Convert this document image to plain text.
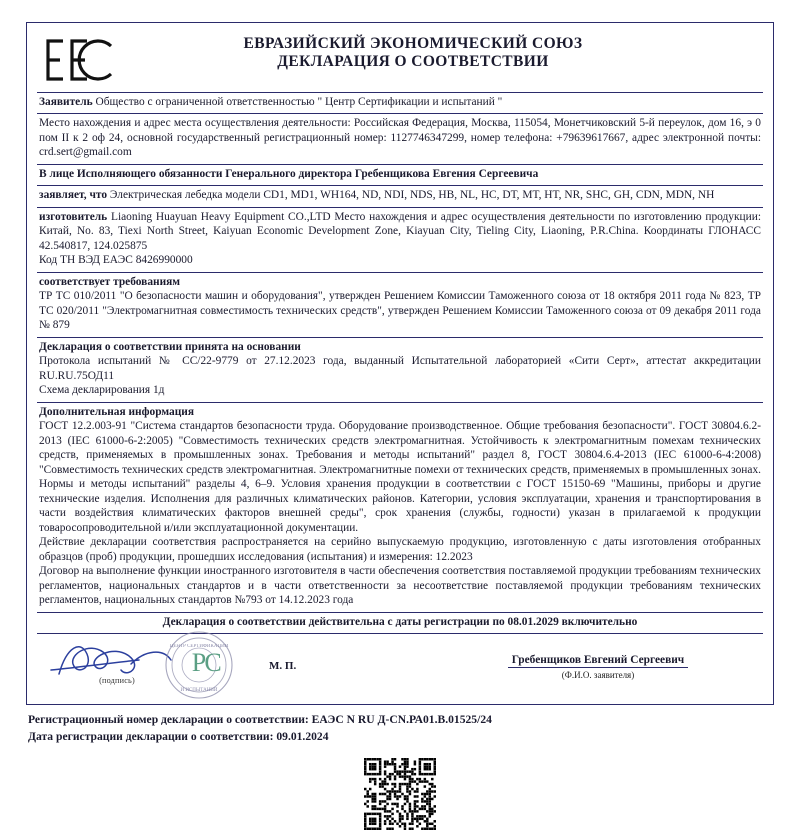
ЕВРАЗИЙСКИЙ ЭКОНОМИЧЕСКИЙ СОЮЗ
ДЕКЛАРАЦИЯ О СООТВЕТСТВИИ

Заявитель Общество с ограниченной ответственностью " Центр Сертификации и испытаний "

Место нахождения и адрес места осуществления деятельности: Российская Федерация, Москва, 115054, Монетчиковский 5-й переулок, дом 16, э 0 пом II к 2 оф 24, основной государственный регистрационный номер: 1127746347299, номер телефона: +79639617667, адрес электронной почты: crd.sert@gmail.com

В лице Исполняющего обязанности Генерального директора Гребенщикова Евгения Сергеевича

заявляет, что Электрическая лебедка модели CD1, MD1, WH164, ND, NDI, NDS, HB, NL, HC, DT, MT, HT, NR, SHC, GH, CDN, MDN, NH

изготовитель Liaoning Huayuan Heavy Equipment CO.,LTD Место нахождения и адрес осуществления деятельности по изготовлению продукции: Китай, No. 83, Tiexi North Street, Kaiyuan Economic Development Zone, Kiayuan City, Tieling City, Liaoning, P.R.China. Координаты ГЛОНАСС 42.540817, 124.025875

Код ТН ВЭД ЕАЭС 8426990000

соответствует требованиям

ТР ТС 010/2011 "О безопасности машин и оборудования", утвержден Решением Комиссии Таможенного союза от 18 октября 2011 года № 823, ТР ТС 020/2011 "Электромагнитная совместимость технических средств", утвержден Решением Комиссии Таможенного союза от 09 декабря 2011 года № 879

Декларация о соответствии принята на основании

Протокола испытаний № СС/22-9779 от 27.12.2023 года, выданный Испытательной лабораторией «Сити Серт», аттестат аккредитации RU.RU.75ОД11

Схема декларирования 1д

Дополнительная информация

ГОСТ 12.2.003-91 "Система стандартов безопасности труда. Оборудование производственное. Общие требования безопасности". ГОСТ 30804.6.2-2013 (IEC 61000-6-2:2005) "Совместимость технических средств электромагнитная. Устойчивость к электромагнитным помехам технических средств, применяемых в промышленных зонах. Требования и методы испытаний" раздел 8, ГОСТ 30804.6.4-2013 (IEC 61000-6-4:2008) "Совместимость технических средств электромагнитная. Электромагнитные помехи от технических средств, применяемых в промышленных зонах. Нормы и методы испытаний" разделы 4, 6–9. Условия хранения продукции в соответствии с ГОСТ 15150-69 "Машины, приборы и другие технические изделия. Исполнения для различных климатических районов. Категории, условия эксплуатации, хранения и транспортирования в части воздействия климатических факторов внешней среды", срок хранения (службы, годности) указан в прилагаемой к продукции товаросопроводительной и/или эксплуатационной документации.

Действие декларации соответствия распространяется на серийно выпускаемую продукцию, изготовленную с даты изготовления отобранных образцов (проб) продукции, прошедших исследования (испытания) и измерения: 12.2023

Договор на выполнение функции иностранного изготовителя в части обеспечения соответствия поставляемой продукции требованиям технических регламентов, национальных стандартов и в части ответственности за несоответствие поставляемой продукции требованиям технических регламентов, национальных стандартов №793 от 14.12.2023 года

Декларация о соответствии действительна с даты регистрации по 08.01.2029 включительно

Р
С
ЦЕНТР СЕРТИФИКАЦИИ
И ИСПЫТАНИЙ
(подпись)
М. П.	Гребенщиков Евгений Сергеевич
(Ф.И.О. заявителя)

Регистрационный номер декларации о соответствии: ЕАЭС N RU Д-CN.РА01.В.01525/24

Дата регистрации декларации о соответствии: 09.01.2024
